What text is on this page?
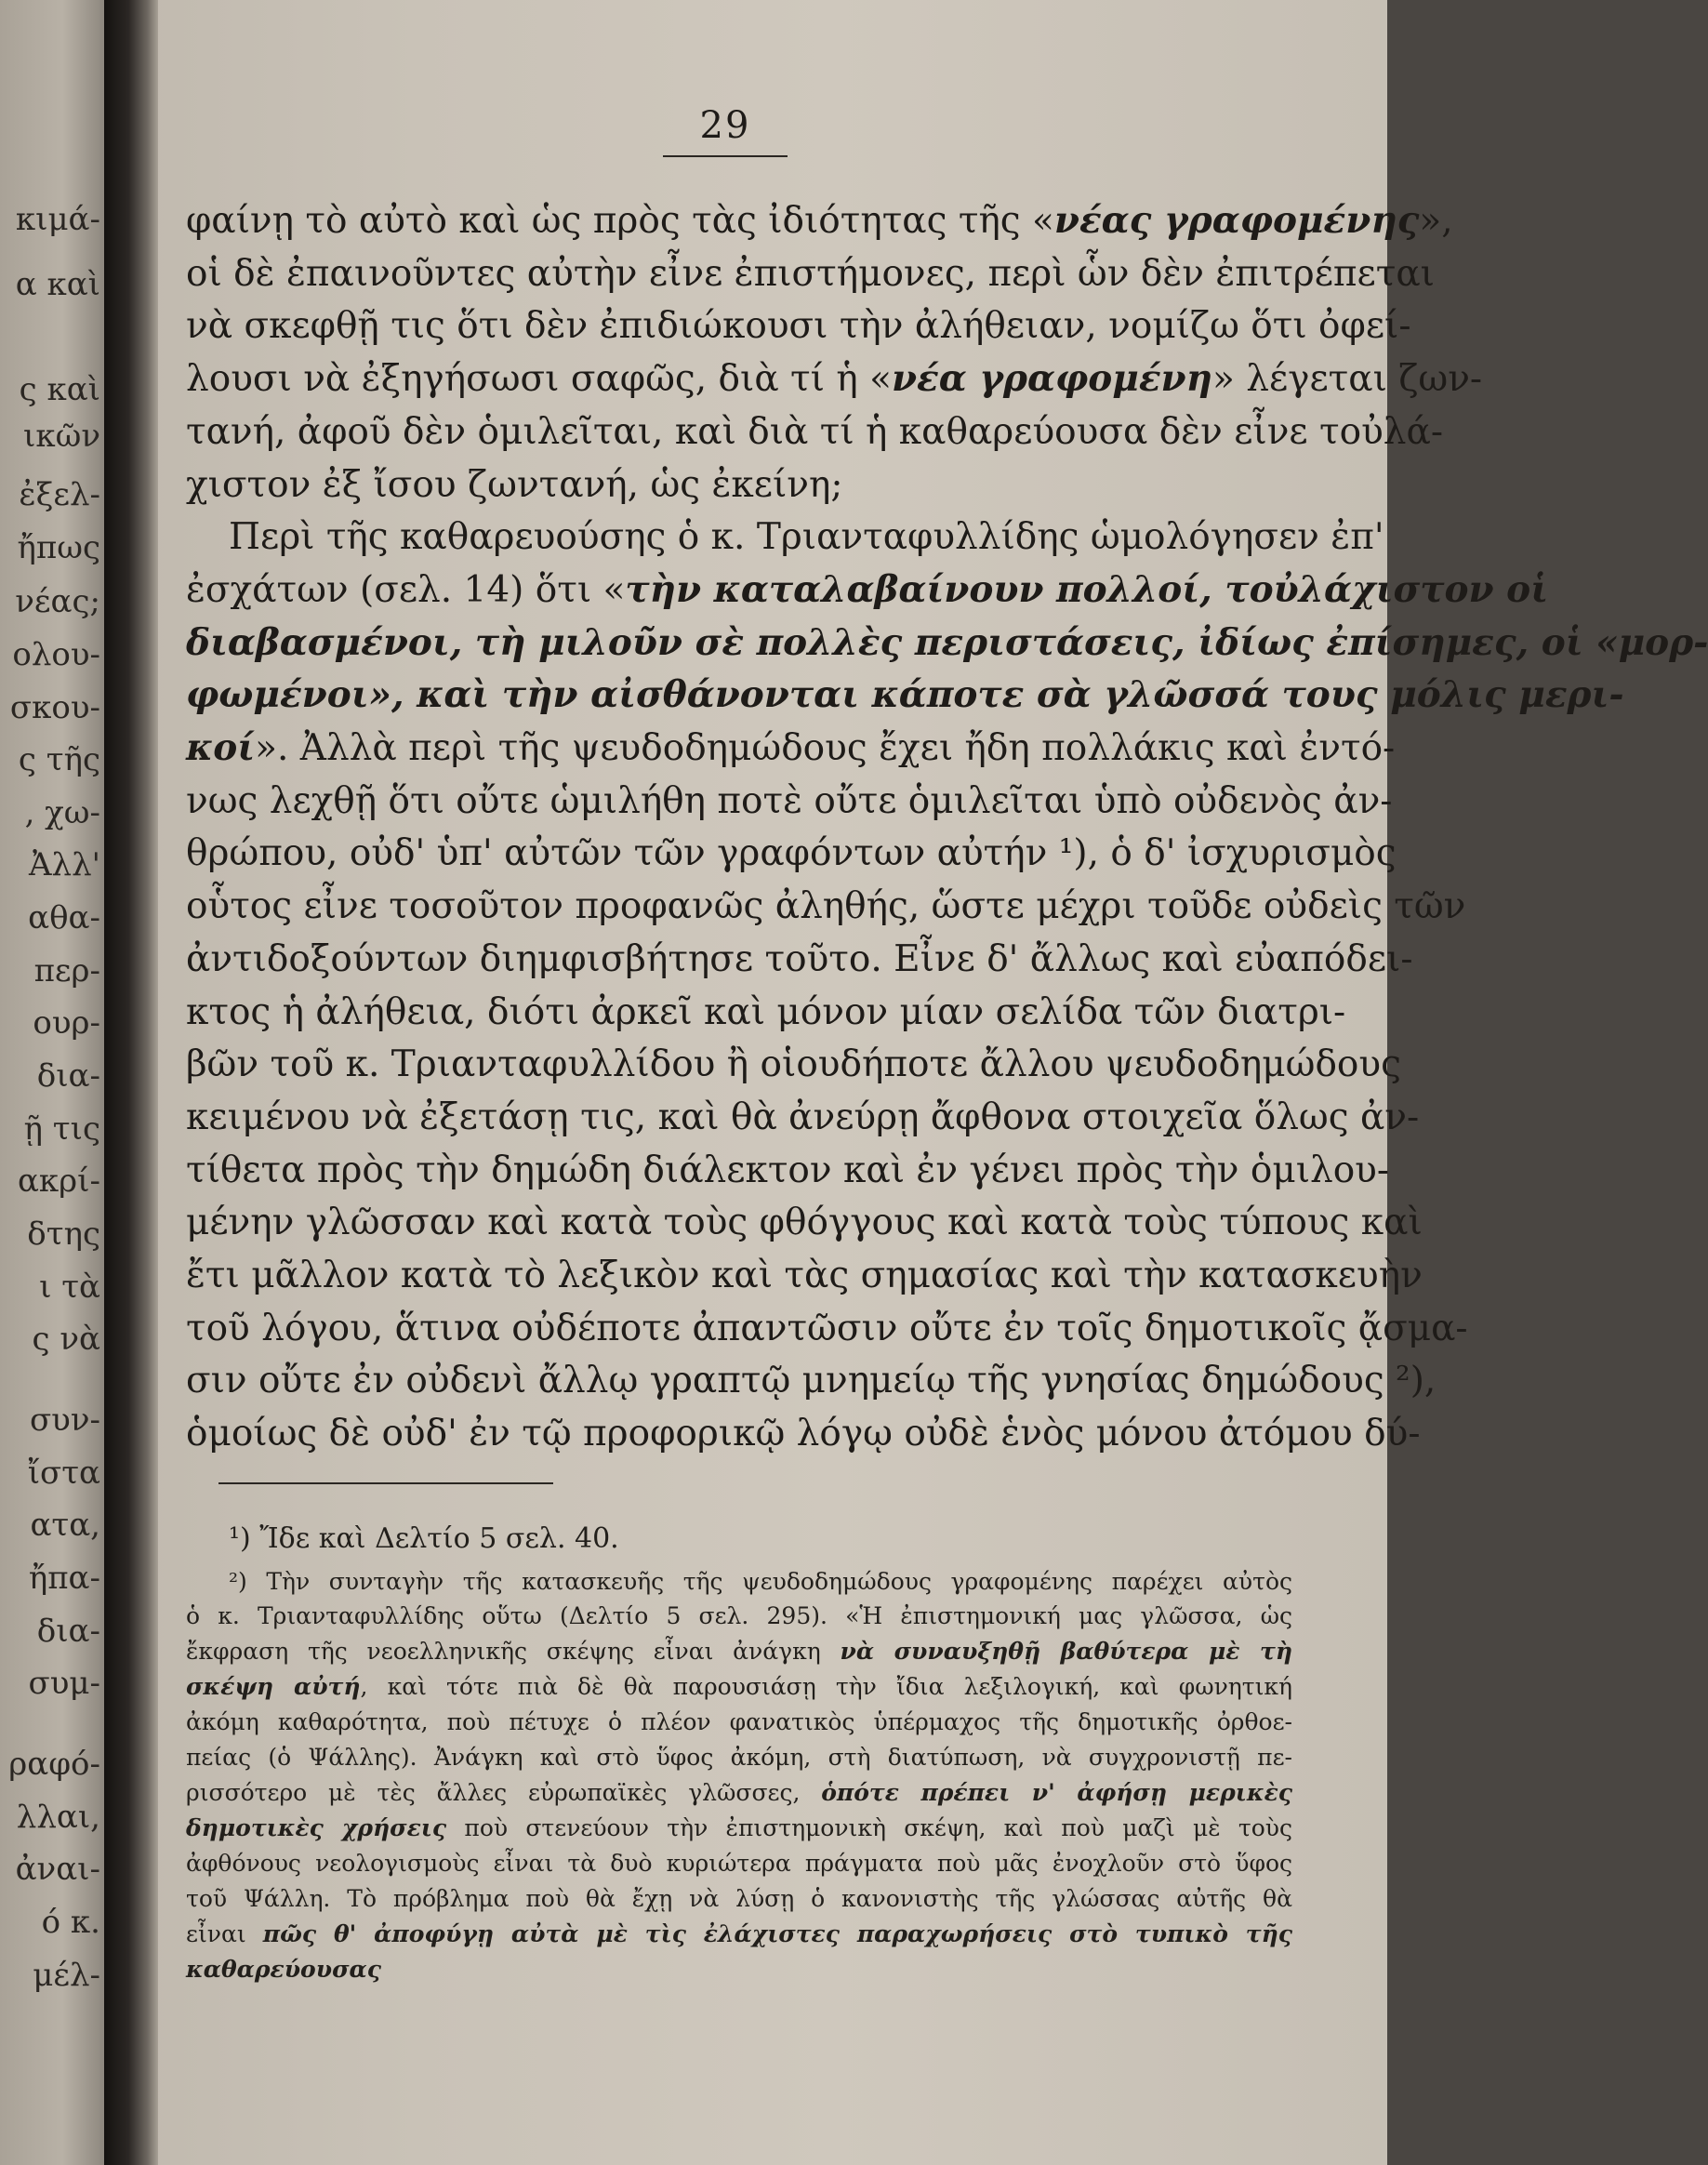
κιμά-
α καὶ
ς καὶ
ικῶν
ἐξελ-
ἤπως
νέας;
ολου-
σκου-
ς τῆς
, χω-
Ἀλλ'
αθα-
περ-
ουρ-
δια-
ῇ τις
ακρί-
δτης
ι τὰ
ς νὰ
συν-
ἴστα
ατα,
ἤπα-
δια-
συμ-
ραφό-
λλαι,
ἀναι-
ό κ.
μέλ-
29
φαίνῃ τὸ αὐτὸ καὶ ὡς πρὸς τὰς ἰδιότητας τῆς «νέας γραφομένης»,
οἱ δὲ ἐπαινοῦντες αὐτὴν εἶνε ἐπιστήμονες, περὶ ὧν δὲν ἐπιτρέπεται
νὰ σκεφθῇ τις ὅτι δὲν ἐπιδιώκουσι τὴν ἀλήθειαν, νομίζω ὅτι ὀφεί-
λουσι νὰ ἐξηγήσωσι σαφῶς, διὰ τί ἡ «νέα γραφομένη» λέγεται ζων-
τανή, ἀφοῦ δὲν ὁμιλεῖται, καὶ διὰ τί ἡ καθαρεύουσα δὲν εἶνε τοὐλά-
χιστον ἐξ ἴσου ζωντανή, ὡς ἐκείνη;
Περὶ τῆς καθαρευούσης ὁ κ. Τριανταφυλλίδης ὡμολόγησεν ἐπ'
ἐσχάτων (σελ. 14) ὅτι «τὴν καταλαβαίνουν πολλοί, τοὐλάχιστον οἱ
διαβασμένοι, τὴ μιλοῦν σὲ πολλὲς περιστάσεις, ἰδίως ἐπίσημες, οἱ «μορ-
φωμένοι», καὶ τὴν αἰσθάνονται κάποτε σὰ γλῶσσά τους μόλις μερι-
κοί». Ἀλλὰ περὶ τῆς ψευδοδημώδους ἔχει ἤδη πολλάκις καὶ ἐντό-
νως λεχθῇ ὅτι οὔτε ὡμιλήθη ποτὲ οὔτε ὁμιλεῖται ὑπὸ οὐδενὸς ἀν-
θρώπου, οὐδ' ὑπ' αὐτῶν τῶν γραφόντων αὐτήν ¹), ὁ δ' ἰσχυρισμὸς
οὗτος εἶνε τοσοῦτον προφανῶς ἀληθής, ὥστε μέχρι τοῦδε οὐδεὶς τῶν
ἀντιδοξούντων διημφισβήτησε τοῦτο. Εἶνε δ' ἄλλως καὶ εὐαπόδει-
κτος ἡ ἀλήθεια, διότι ἀρκεῖ καὶ μόνον μίαν σελίδα τῶν διατρι-
βῶν τοῦ κ. Τριανταφυλλίδου ἢ οἱουδήποτε ἄλλου ψευδοδημώδους
κειμένου νὰ ἐξετάσῃ τις, καὶ θὰ ἀνεύρῃ ἄφθονα στοιχεῖα ὅλως ἀν-
τίθετα πρὸς τὴν δημώδη διάλεκτον καὶ ἐν γένει πρὸς τὴν ὁμιλου-
μένην γλῶσσαν καὶ κατὰ τοὺς φθόγγους καὶ κατὰ τοὺς τύπους καὶ
ἔτι μᾶλλον κατὰ τὸ λεξικὸν καὶ τὰς σημασίας καὶ τὴν κατασκευὴν
τοῦ λόγου, ἅτινα οὐδέποτε ἀπαντῶσιν οὔτε ἐν τοῖς δημοτικοῖς ᾄσμα-
σιν οὔτε ἐν οὐδενὶ ἄλλῳ γραπτῷ μνημείῳ τῆς γνησίας δημώδους ²),
ὁμοίως δὲ οὐδ' ἐν τῷ προφορικῷ λόγῳ οὐδὲ ἑνὸς μόνου ἀτόμου δύ-
¹) Ἴδε καὶ Δελτίο 5 σελ. 40.
²) Τὴν συνταγὴν τῆς κατασκευῆς τῆς ψευδοδημώδους γραφομένης παρέχει αὐτὸς
ὁ κ. Τριανταφυλλίδης οὕτω (Δελτίο 5 σελ. 295). «Ἡ ἐπιστημονική μας γλῶσσα, ὡς
ἔκφραση τῆς νεοελληνικῆς σκέψης εἶναι ἀνάγκη νὰ συναυξηθῇ βαθύτερα μὲ τὴ
σκέψη αὐτή, καὶ τότε πιὰ δὲ θὰ παρουσιάσῃ τὴν ἴδια λεξιλογική, καὶ φωνητική
ἀκόμη καθαρότητα, ποὺ πέτυχε ὁ πλέον φανατικὸς ὑπέρμαχος τῆς δημοτικῆς ὀρθοε-
πείας (ὁ Ψάλλης). Ἀνάγκη καὶ στὸ ὕφος ἀκόμη, στὴ διατύπωση, νὰ συγχρονιστῇ πε-
ρισσότερο μὲ τὲς ἄλλες εὐρωπαϊκὲς γλῶσσες, ὁπότε πρέπει ν' ἀφήσῃ μερικὲς
δημοτικὲς χρήσεις ποὺ στενεύουν τὴν ἐπιστημονικὴ σκέψη, καὶ ποὺ μαζὶ μὲ τοὺς
ἀφθόνους νεολογισμοὺς εἶναι τὰ δυὸ κυριώτερα πράγματα ποὺ μᾶς ἐνοχλοῦν στὸ ὕφος
τοῦ Ψάλλη. Τὸ πρόβλημα ποὺ θὰ ἔχῃ νὰ λύσῃ ὁ κανονιστὴς τῆς γλώσσας αὐτῆς θὰ
εἶναι πῶς θ' ἀποφύγῃ αὐτὰ μὲ τὶς ἐλάχιστες παραχωρήσεις στὸ τυπικὸ τῆς
καθαρεύουσας
